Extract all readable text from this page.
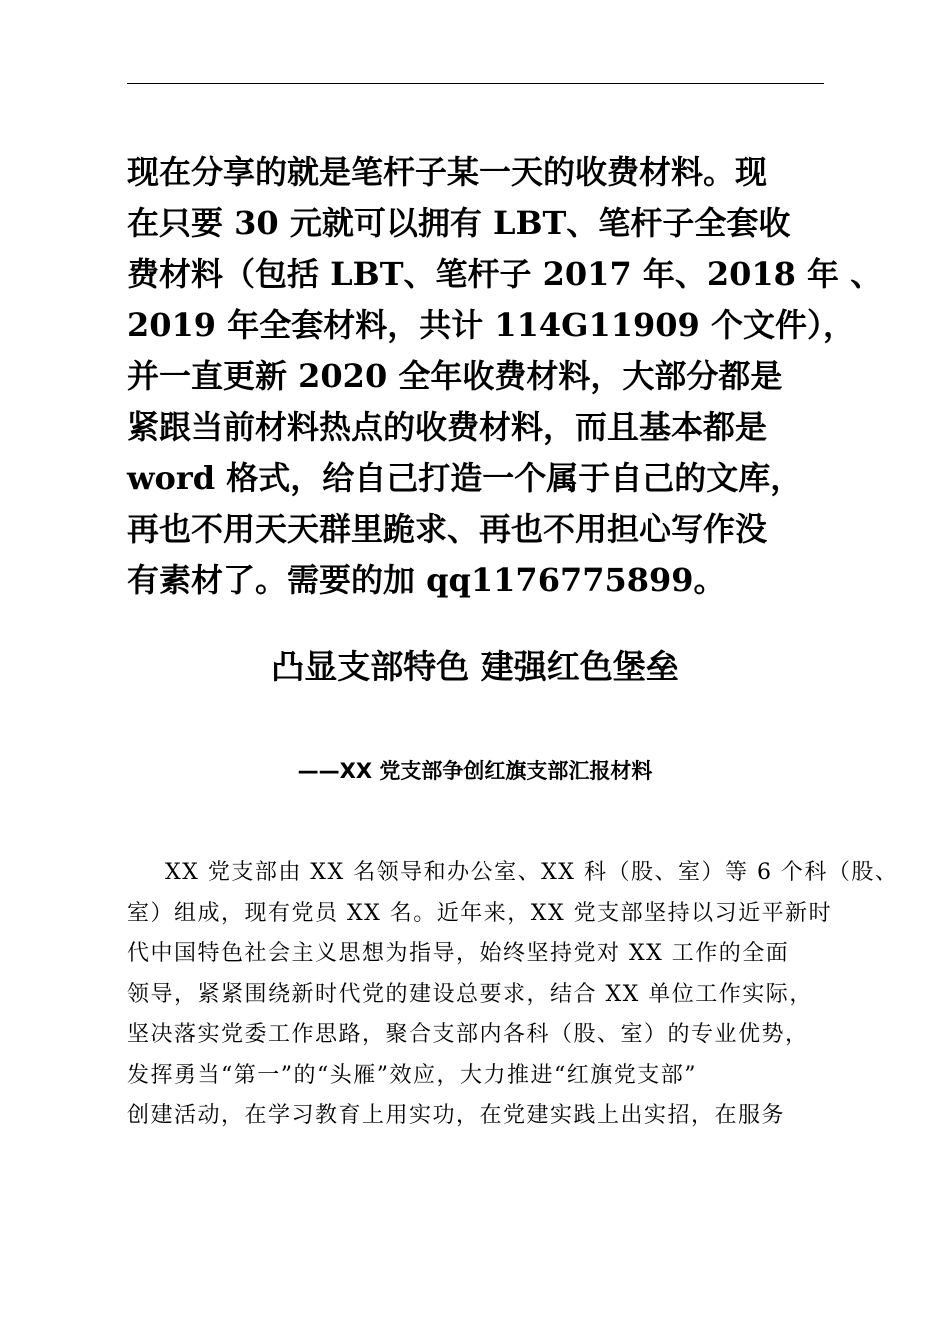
现在分享的就是笔杆子某一天的收费材料。现
在只要 30 元就可以拥有 LBT、笔杆子全套收
费材料（包括 LBT、笔杆子 2017 年、2018 年 、
2019 年全套材料，共计 114G11909 个文件），
并一直更新 2020 全年收费材料，大部分都是
紧跟当前材料热点的收费材料，而且基本都是
word 格式，给自己打造一个属于自己的文库，
再也不用天天群里跪求、再也不用担心写作没
有素材了。需要的加 qq1176775899。
凸显支部特色 建强红色堡垒
——XX 党支部争创红旗支部汇报材料
XX 党支部由 XX 名领导和办公室、XX 科（股、室）等 6 个科（股、
室）组成，现有党员 XX 名。近年来，XX 党支部坚持以习近平新时
代中国特色社会主义思想为指导，始终坚持党对 XX 工作的全面
领导，紧紧围绕新时代党的建设总要求，结合 XX 单位工作实际，
坚决落实党委工作思路，聚合支部内各科（股、室）的专业优势，
发挥勇当“第一”的“头雁”效应，大力推进“红旗党支部”
创建活动，在学习教育上用实功，在党建实践上出实招，在服务
